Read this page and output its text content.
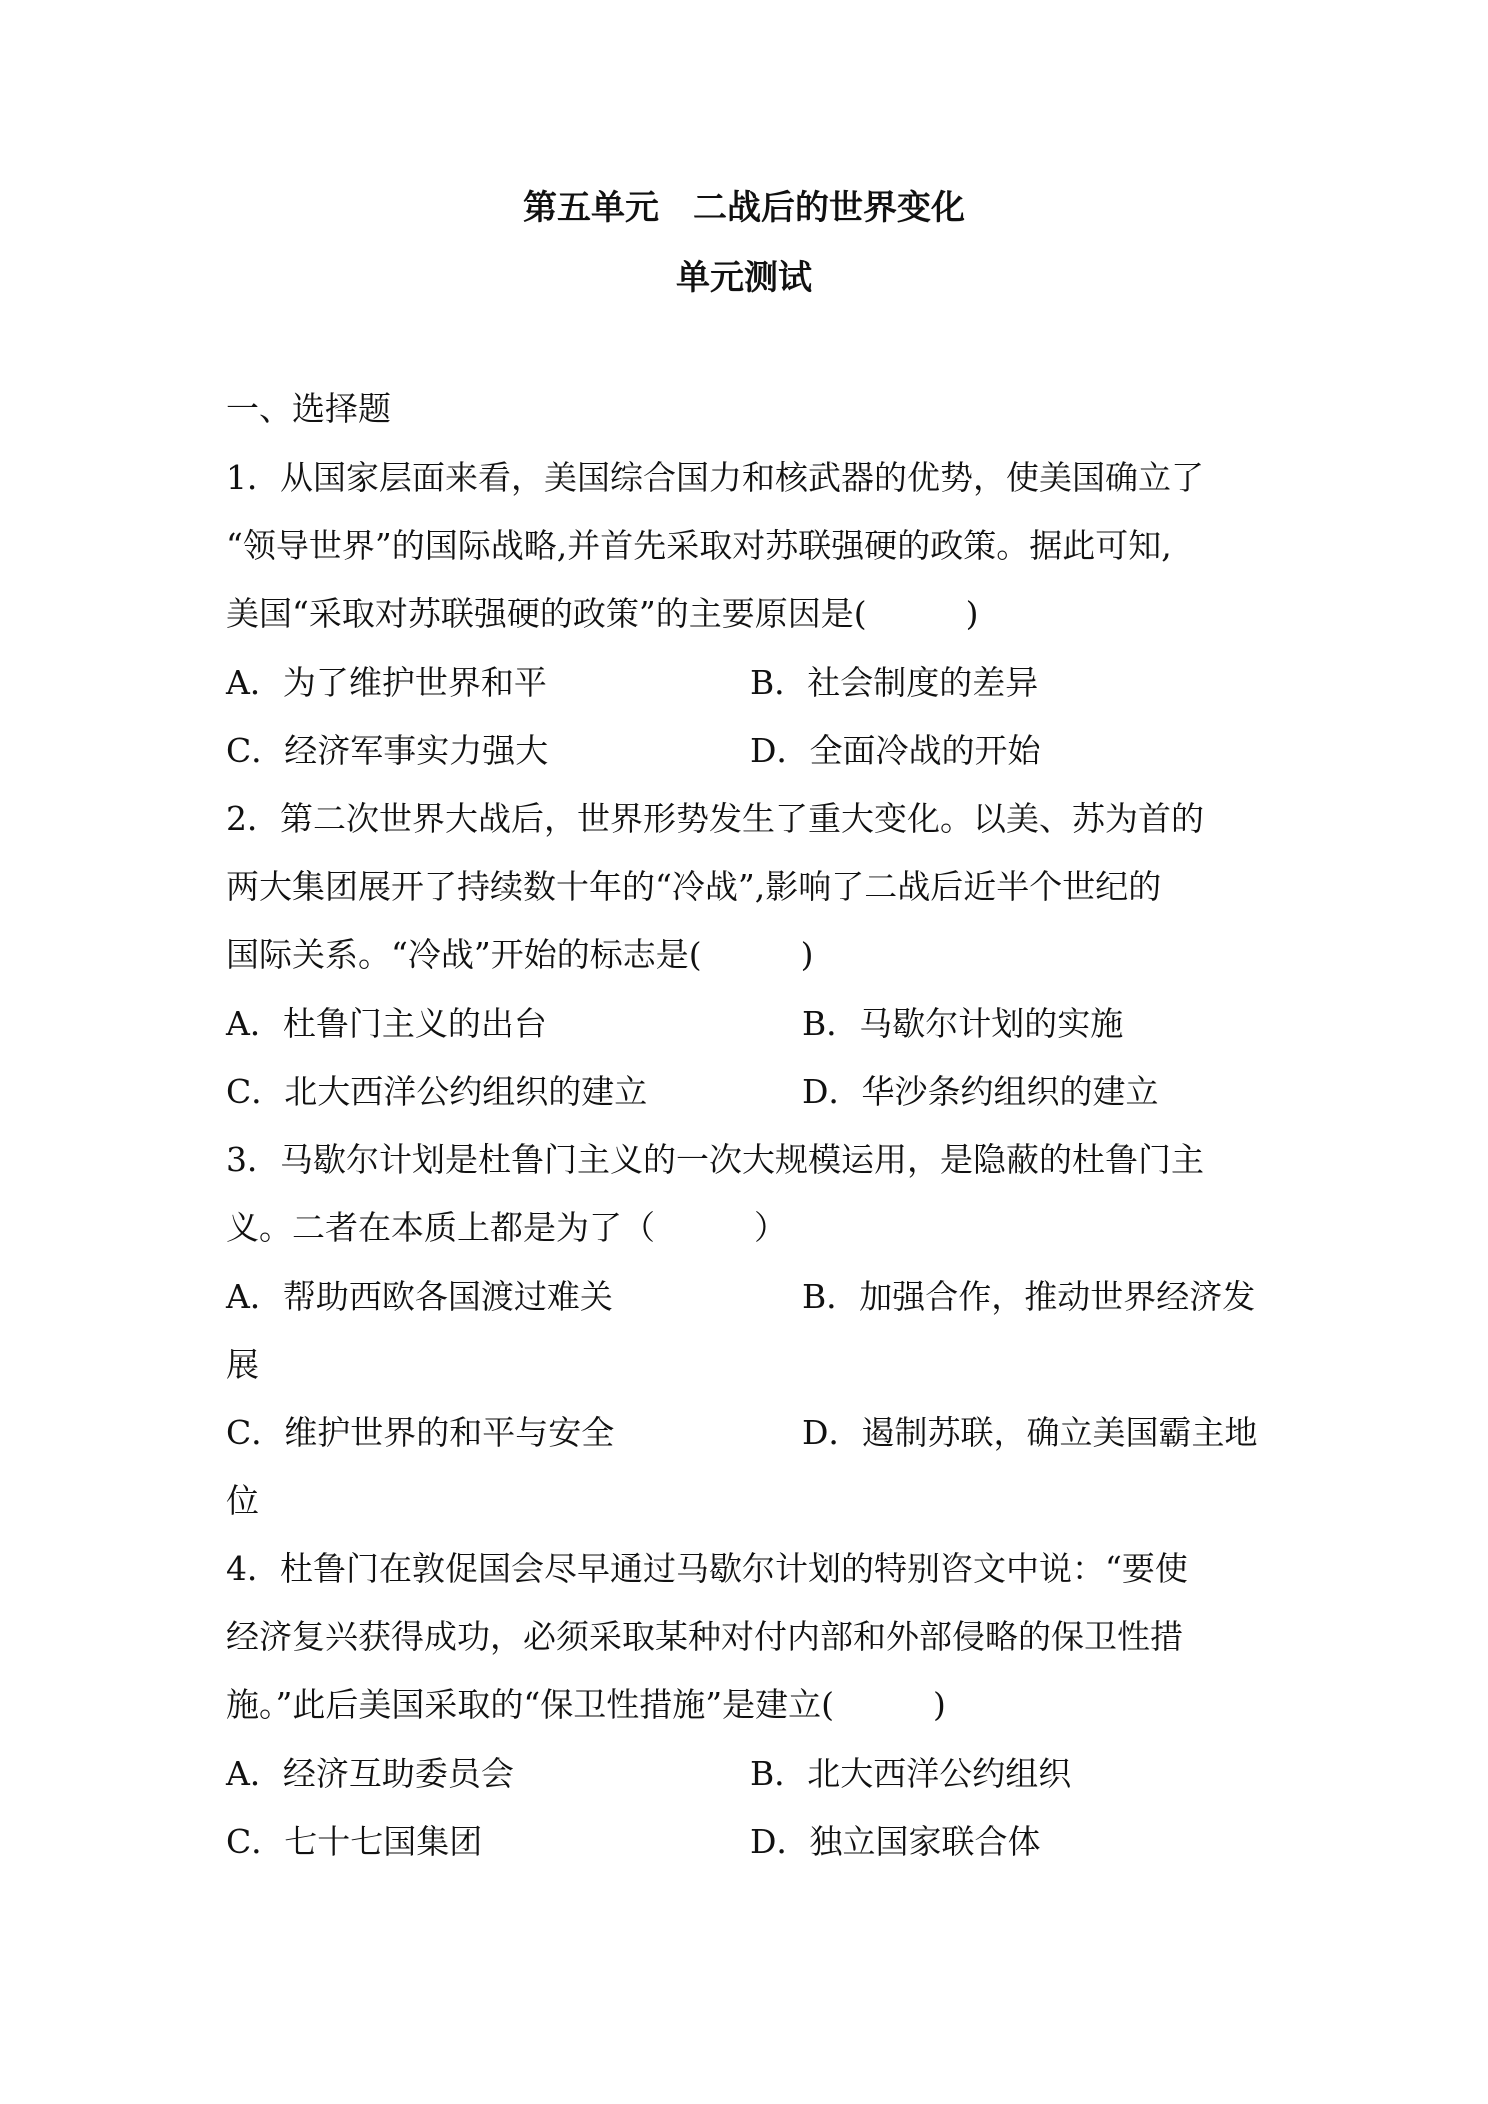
第五单元　二战后的世界变化
单元测试
一、选择题
1．从国家层面来看，美国综合国力和核武器的优势，使美国确立了
“领导世界”的国际战略,并首先采取对苏联强硬的政策。据此可知,
美国“采取对苏联强硬的政策”的主要原因是(　　　)
A．为了维护世界和平	B．社会制度的差异
C．经济军事实力强大	D．全面冷战的开始
2．第二次世界大战后，世界形势发生了重大变化。以美、苏为首的
两大集团展开了持续数十年的“冷战”,影响了二战后近半个世纪的
国际关系。“冷战”开始的标志是(　　　)
A．杜鲁门主义的出台	B．马歇尔计划的实施
C．北大西洋公约组织的建立	D．华沙条约组织的建立
3．马歇尔计划是杜鲁门主义的一次大规模运用，是隐蔽的杜鲁门主
义。二者在本质上都是为了（　　　）
A．帮助西欧各国渡过难关	B．加强合作，推动世界经济发
展
C．维护世界的和平与安全	D．遏制苏联，确立美国霸主地
位
4．杜鲁门在敦促国会尽早通过马歇尔计划的特别咨文中说：“要使
经济复兴获得成功，必须采取某种对付内部和外部侵略的保卫性措
施。”此后美国采取的“保卫性措施”是建立(　　　)
A．经济互助委员会	B．北大西洋公约组织
C．七十七国集团	D．独立国家联合体
